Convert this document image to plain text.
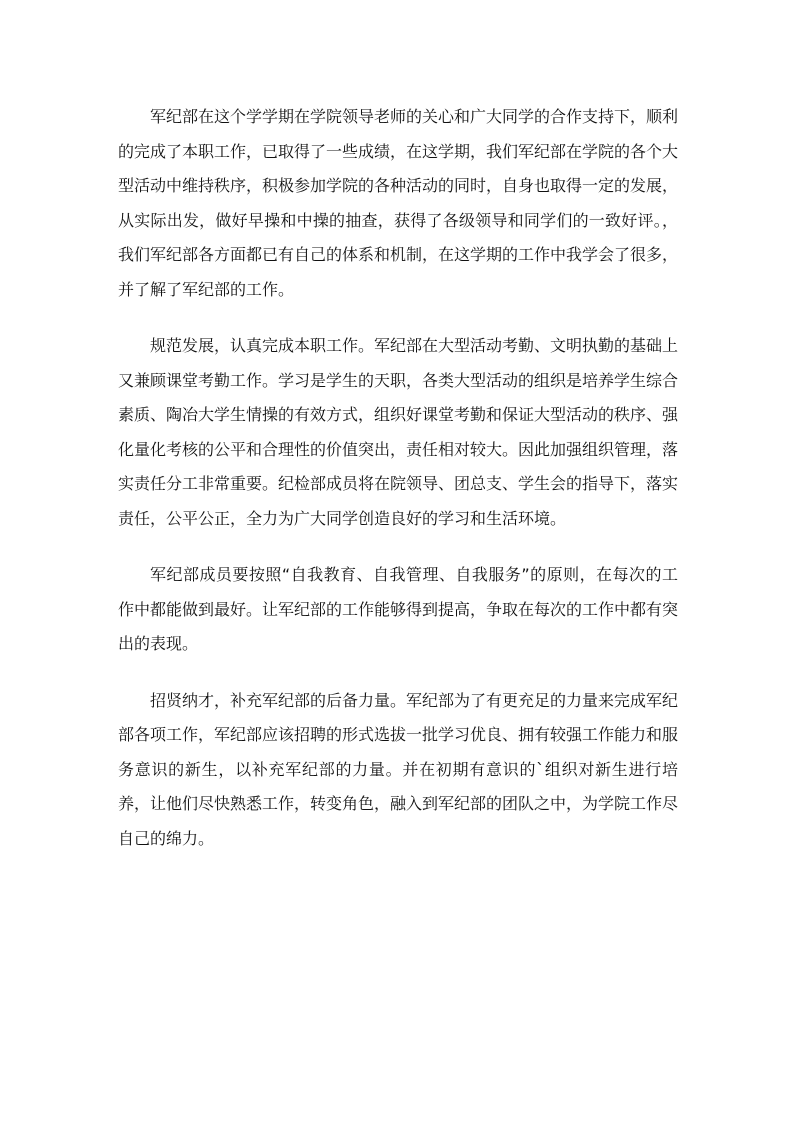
军纪部在这个学学期在学院领导老师的关心和广大同学的合作支持下，顺利的完成了本职工作，已取得了一些成绩，在这学期，我们军纪部在学院的各个大型活动中维持秩序，积极参加学院的各种活动的同时，自身也取得一定的发展，从实际出发，做好早操和中操的抽查，获得了各级领导和同学们的一致好评。，我们军纪部各方面都已有自己的体系和机制，在这学期的工作中我学会了很多，并了解了军纪部的工作。

规范发展，认真完成本职工作。军纪部在大型活动考勤、文明执勤的基础上又兼顾课堂考勤工作。学习是学生的天职，各类大型活动的组织是培养学生综合素质、陶冶大学生情操的有效方式，组织好课堂考勤和保证大型活动的秩序、强化量化考核的公平和合理性的价值突出，责任相对较大。因此加强组织管理，落实责任分工非常重要。纪检部成员将在院领导、团总支、学生会的指导下，落实责任，公平公正，全力为广大同学创造良好的学习和生活环境。

军纪部成员要按照“自我教育、自我管理、自我服务”的原则，在每次的工作中都能做到最好。让军纪部的工作能够得到提高，争取在每次的工作中都有突出的表现。

招贤纳才，补充军纪部的后备力量。军纪部为了有更充足的力量来完成军纪部各项工作，军纪部应该招聘的形式选拔一批学习优良、拥有较强工作能力和服务意识的新生，以补充军纪部的力量。并在初期有意识的`组织对新生进行培养，让他们尽快熟悉工作，转变角色，融入到军纪部的团队之中，为学院工作尽自己的绵力。
